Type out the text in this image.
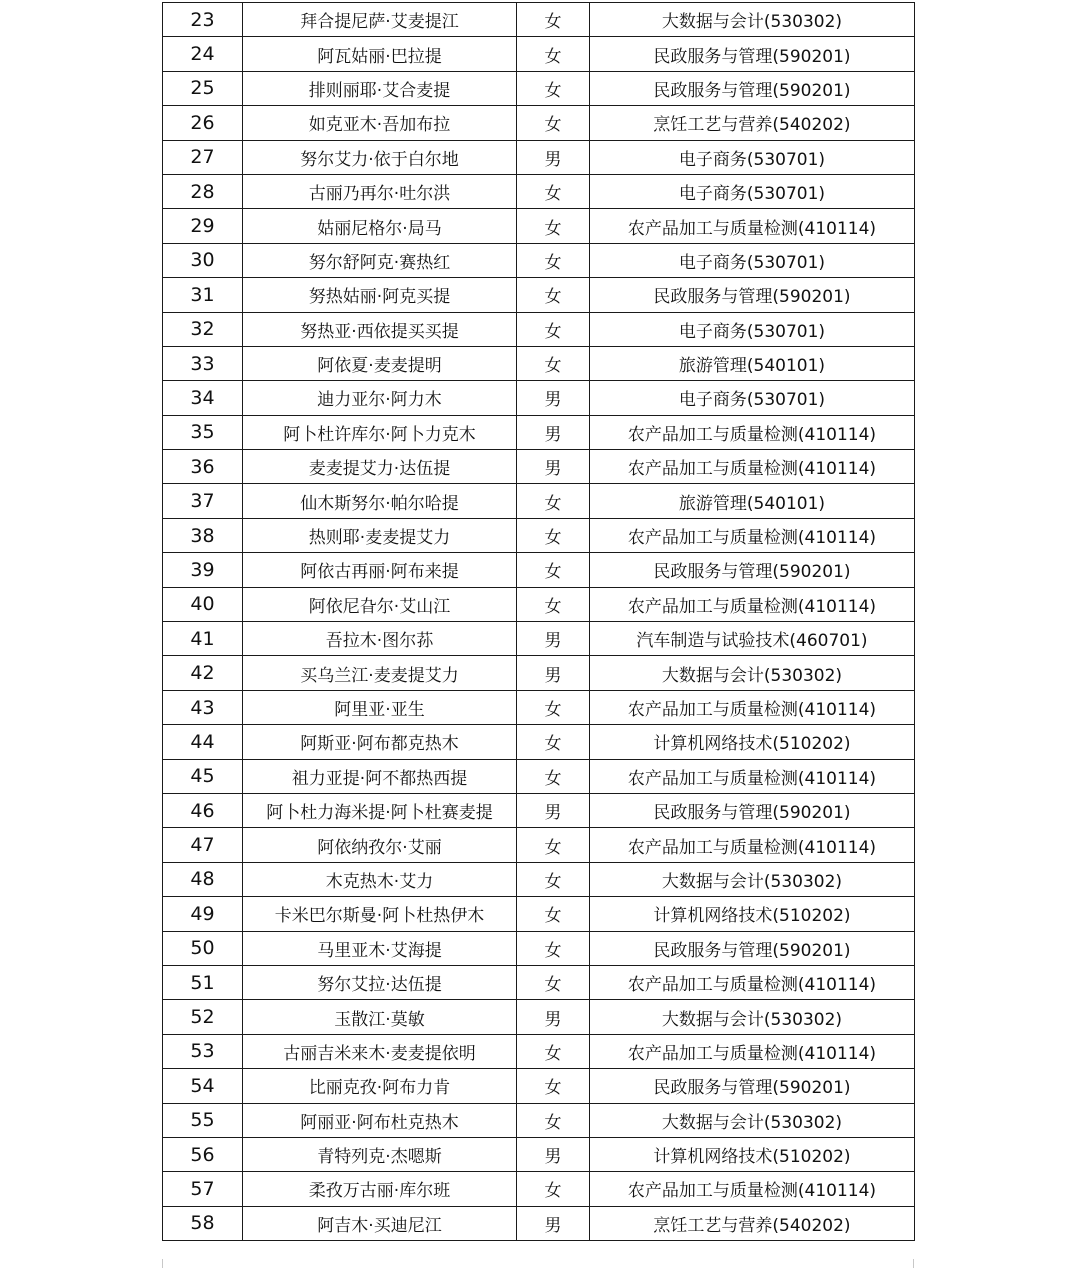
23	拜合提尼萨·艾麦提江	女	大数据与会计(530302)
24	阿瓦姑丽·巴拉提	女	民政服务与管理(590201)
25	排则丽耶·艾合麦提	女	民政服务与管理(590201)
26	如克亚木·吾加布拉	女	烹饪工艺与营养(540202)
27	努尔艾力·依于白尔地	男	电子商务(530701)
28	古丽乃再尔·吐尔洪	女	电子商务(530701)
29	姑丽尼格尔·局马	女	农产品加工与质量检测(410114)
30	努尔舒阿克·赛热红	女	电子商务(530701)
31	努热姑丽·阿克买提	女	民政服务与管理(590201)
32	努热亚·西依提买买提	女	电子商务(530701)
33	阿依夏·麦麦提明	女	旅游管理(540101)
34	迪力亚尔·阿力木	男	电子商务(530701)
35	阿卜杜许库尔·阿卜力克木	男	农产品加工与质量检测(410114)
36	麦麦提艾力·达伍提	男	农产品加工与质量检测(410114)
37	仙木斯努尔·帕尔哈提	女	旅游管理(540101)
38	热则耶·麦麦提艾力	女	农产品加工与质量检测(410114)
39	阿依古再丽·阿布来提	女	民政服务与管理(590201)
40	阿依尼旮尔·艾山江	女	农产品加工与质量检测(410114)
41	吾拉木·图尔荪	男	汽车制造与试验技术(460701)
42	买乌兰江·麦麦提艾力	男	大数据与会计(530302)
43	阿里亚·亚生	女	农产品加工与质量检测(410114)
44	阿斯亚·阿布都克热木	女	计算机网络技术(510202)
45	祖力亚提·阿不都热西提	女	农产品加工与质量检测(410114)
46	阿卜杜力海米提·阿卜杜赛麦提	男	民政服务与管理(590201)
47	阿依纳孜尔·艾丽	女	农产品加工与质量检测(410114)
48	木克热木·艾力	女	大数据与会计(530302)
49	卡米巴尔斯曼·阿卜杜热伊木	女	计算机网络技术(510202)
50	马里亚木·艾海提	女	民政服务与管理(590201)
51	努尔艾拉·达伍提	女	农产品加工与质量检测(410114)
52	玉散江·莫敏	男	大数据与会计(530302)
53	古丽吉米来木·麦麦提依明	女	农产品加工与质量检测(410114)
54	比丽克孜·阿布力肯	女	民政服务与管理(590201)
55	阿丽亚·阿布杜克热木	女	大数据与会计(530302)
56	青特列克·杰嗯斯	男	计算机网络技术(510202)
57	柔孜万古丽·库尔班	女	农产品加工与质量检测(410114)
58	阿吉木·买迪尼江	男	烹饪工艺与营养(540202)
